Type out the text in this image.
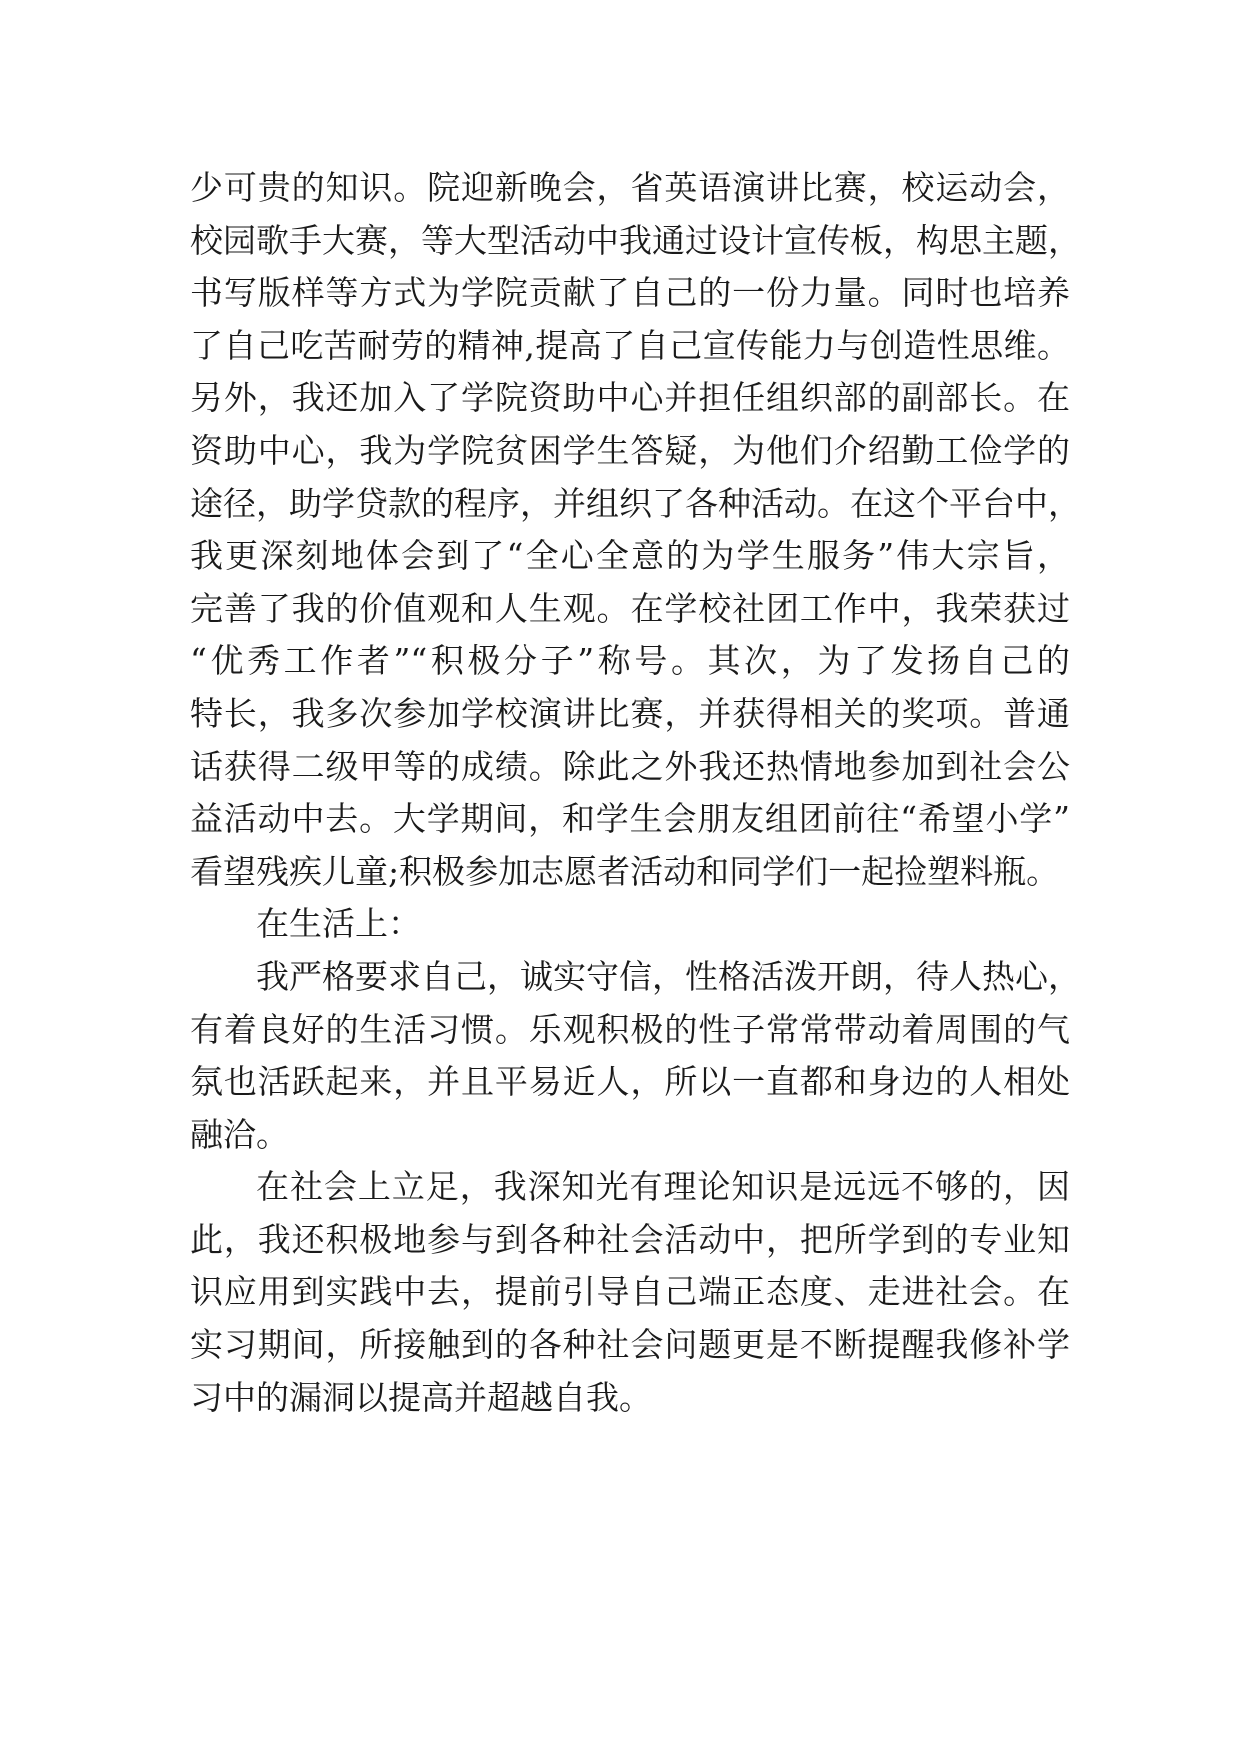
少可贵的知识。院迎新晚会，省英语演讲比赛，校运动会，
校园歌手大赛，等大型活动中我通过设计宣传板，构思主题，
书写版样等方式为学院贡献了自己的一份力量。同时也培养
了自己吃苦耐劳的精神,提高了自己宣传能力与创造性思维。
另外，我还加入了学院资助中心并担任组织部的副部长。在
资助中心，我为学院贫困学生答疑，为他们介绍勤工俭学的
途径，助学贷款的程序，并组织了各种活动。在这个平台中，
我更深刻地体会到了“全心全意的为学生服务”伟大宗旨，
完善了我的价值观和人生观。在学校社团工作中，我荣获过
“优秀工作者”“积极分子”称号。其次，为了发扬自己的
特长，我多次参加学校演讲比赛，并获得相关的奖项。普通
话获得二级甲等的成绩。除此之外我还热情地参加到社会公
益活动中去。大学期间，和学生会朋友组团前往“希望小学”
看望残疾儿童;积极参加志愿者活动和同学们一起捡塑料瓶。
在生活上：
我严格要求自己，诚实守信，性格活泼开朗，待人热心，
有着良好的生活习惯。乐观积极的性子常常带动着周围的气
氛也活跃起来，并且平易近人，所以一直都和身边的人相处
融洽。
在社会上立足，我深知光有理论知识是远远不够的，因
此，我还积极地参与到各种社会活动中，把所学到的专业知
识应用到实践中去，提前引导自己端正态度、走进社会。在
实习期间，所接触到的各种社会问题更是不断提醒我修补学
习中的漏洞以提高并超越自我。
